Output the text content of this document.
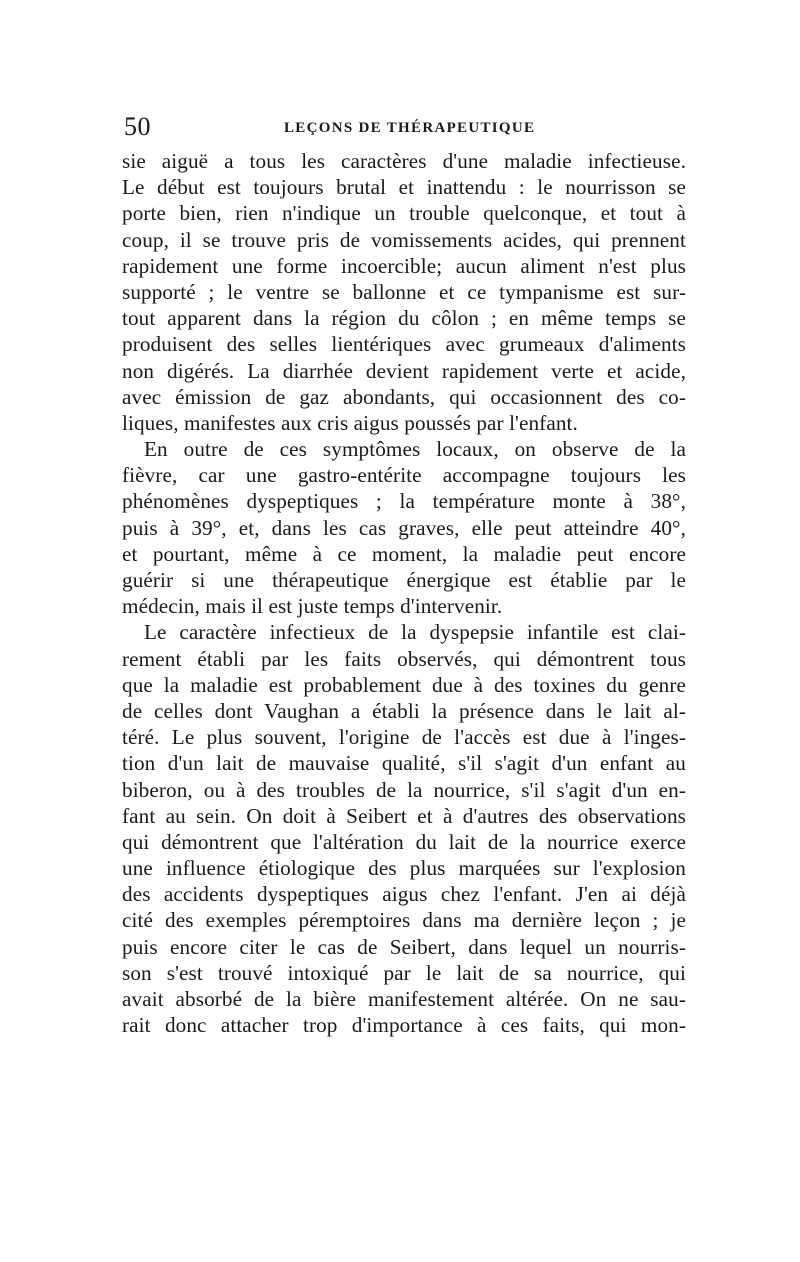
50	LEÇONS DE THÉRAPEUTIQUE
sie aiguë a tous les caractères d'une maladie infectieuse.
Le début est toujours brutal et inattendu : le nourrisson se
porte bien, rien n'indique un trouble quelconque, et tout à
coup, il se trouve pris de vomissements acides, qui prennent
rapidement une forme incoercible; aucun aliment n'est plus
supporté ; le ventre se ballonne et ce tympanisme est sur-
tout apparent dans la région du côlon ; en même temps se
produisent des selles lientériques avec grumeaux d'aliments
non digérés. La diarrhée devient rapidement verte et acide,
avec émission de gaz abondants, qui occasionnent des co-
liques, manifestes aux cris aigus poussés par l'enfant.
En outre de ces symptômes locaux, on observe de la
fièvre, car une gastro-entérite accompagne toujours les
phénomènes dyspeptiques ; la température monte à 38°,
puis à 39°, et, dans les cas graves, elle peut atteindre 40°,
et pourtant, même à ce moment, la maladie peut encore
guérir si une thérapeutique énergique est établie par le
médecin, mais il est juste temps d'intervenir.
Le caractère infectieux de la dyspepsie infantile est clai-
rement établi par les faits observés, qui démontrent tous
que la maladie est probablement due à des toxines du genre
de celles dont Vaughan a établi la présence dans le lait al-
téré. Le plus souvent, l'origine de l'accès est due à l'inges-
tion d'un lait de mauvaise qualité, s'il s'agit d'un enfant au
biberon, ou à des troubles de la nourrice, s'il s'agit d'un en-
fant au sein. On doit à Seibert et à d'autres des observations
qui démontrent que l'altération du lait de la nourrice exerce
une influence étiologique des plus marquées sur l'explosion
des accidents dyspeptiques aigus chez l'enfant. J'en ai déjà
cité des exemples péremptoires dans ma dernière leçon ; je
puis encore citer le cas de Seibert, dans lequel un nourris-
son s'est trouvé intoxiqué par le lait de sa nourrice, qui
avait absorbé de la bière manifestement altérée. On ne sau-
rait donc attacher trop d'importance à ces faits, qui mon-
